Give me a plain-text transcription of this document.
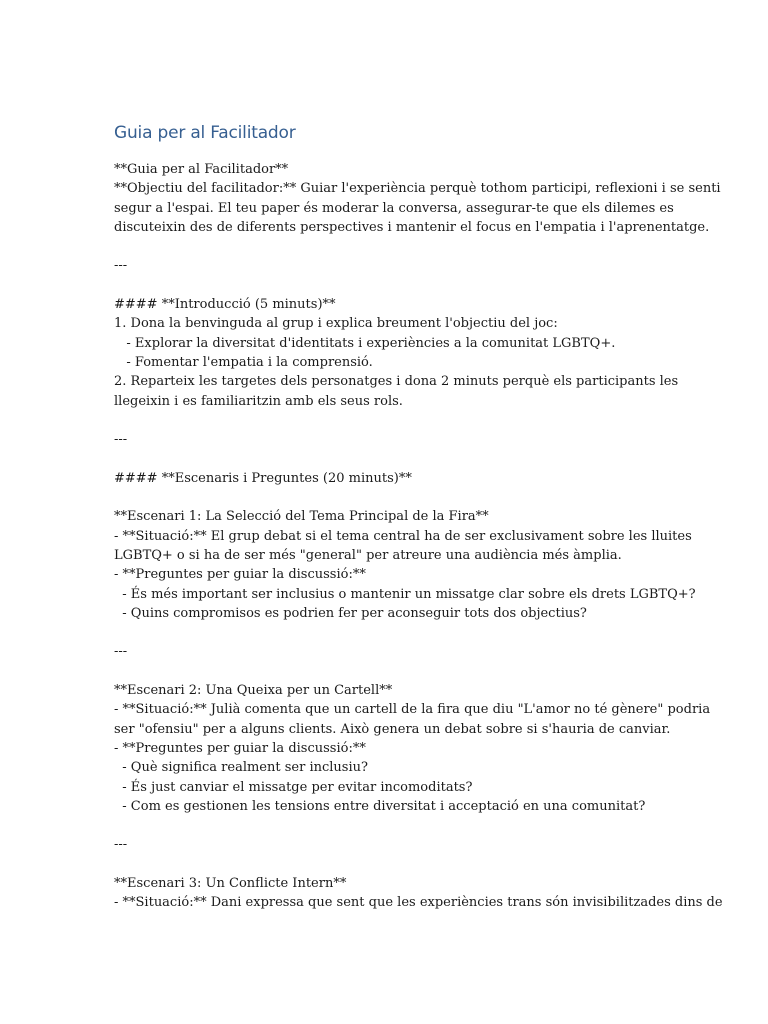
Guia per al Facilitador
**Guia per al Facilitador**
**Objectiu del facilitador:** Guiar l'experiència perquè tothom participi, reflexioni i se senti
segur a l'espai. El teu paper és moderar la conversa, assegurar-te que els dilemes es
discuteixin des de diferents perspectives i mantenir el focus en l'empatia i l'aprenentatge.
---
#### **Introducció (5 minuts)**
1. Dona la benvinguda al grup i explica breument l'objectiu del joc:
- Explorar la diversitat d'identitats i experiències a la comunitat LGBTQ+.
- Fomentar l'empatia i la comprensió.
2. Reparteix les targetes dels personatges i dona 2 minuts perquè els participants les
llegeixin i es familiaritzin amb els seus rols.
---
#### **Escenaris i Preguntes (20 minuts)**
**Escenari 1: La Selecció del Tema Principal de la Fira**
- **Situació:** El grup debat si el tema central ha de ser exclusivament sobre les lluites
LGBTQ+ o si ha de ser més "general" per atreure una audiència més àmplia.
- **Preguntes per guiar la discussió:**
- És més important ser inclusius o mantenir un missatge clar sobre els drets LGBTQ+?
- Quins compromisos es podrien fer per aconseguir tots dos objectius?
---
**Escenari 2: Una Queixa per un Cartell**
- **Situació:** Julià comenta que un cartell de la fira que diu "L'amor no té gènere" podria
ser "ofensiu" per a alguns clients. Això genera un debat sobre si s'hauria de canviar.
- **Preguntes per guiar la discussió:**
- Què significa realment ser inclusiu?
- És just canviar el missatge per evitar incomoditats?
- Com es gestionen les tensions entre diversitat i acceptació en una comunitat?
---
**Escenari 3: Un Conflicte Intern**
- **Situació:** Dani expressa que sent que les experiències trans són invisibilitzades dins de
